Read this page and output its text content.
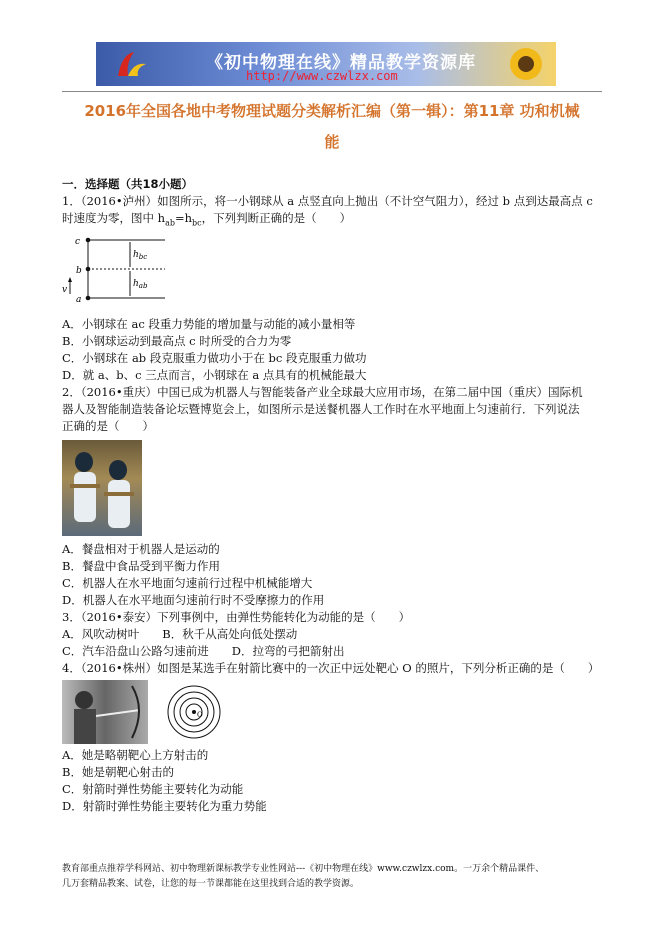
《初中物理在线》精品教学资源库
http://www.czwlzx.com
2016年全国各地中考物理试题分类解析汇编（第一辑）：第11章 功和机械
能
一．选择题（共18小题）
1．（2016•泸州）如图所示，将一小钢球从 a 点竖直向上抛出（不计空气阻力），经过 b 点到达最高点 c
时速度为零，图中 $h_{ab}=h_{bc}$，下列判断正确的是（　　）
c
b
a
v
$h_{bc}$
$h_{ab}$
A．小钢球在 ac 段重力势能的增加量与动能的减小量相等
B．小钢球运动到最高点 c 时所受的合力为零
C．小钢球在 ab 段克服重力做功小于在 bc 段克服重力做功
D．就 a、b、c 三点而言，小钢球在 a 点具有的机械能最大
2．（2016•重庆）中国已成为机器人与智能装备产业全球最大应用市场，在第二届中国（重庆）国际机
器人及智能制造装备论坛暨博览会上，如图所示是送餐机器人工作时在水平地面上匀速前行．下列说法
正确的是（　　）
A．餐盘相对于机器人是运动的
B．餐盘中食品受到平衡力作用
C．机器人在水平地面匀速前行过程中机械能增大
D．机器人在水平地面匀速前行时不受摩擦力的作用
3．（2016•泰安）下列事例中，由弹性势能转化为动能的是（　　）
A．风吹动树叶　　B．秋千从高处向低处摆动
C．汽车沿盘山公路匀速前进　　D．拉弯的弓把箭射出
4．（2016•株州）如图是某选手在射箭比赛中的一次正中远处靶心 O 的照片，下列分析正确的是（　　）
O
A．她是略朝靶心上方射击的
B．她是朝靶心射击的
C．射箭时弹性势能主要转化为动能
D．射箭时弹性势能主要转化为重力势能
教育部重点推荐学科网站、初中物理新课标教学专业性网站---《初中物理在线》www.czwlzx.com。一万余个精品课件、
几万套精品教案、试卷，让您的每一节课都能在这里找到合适的教学资源。
